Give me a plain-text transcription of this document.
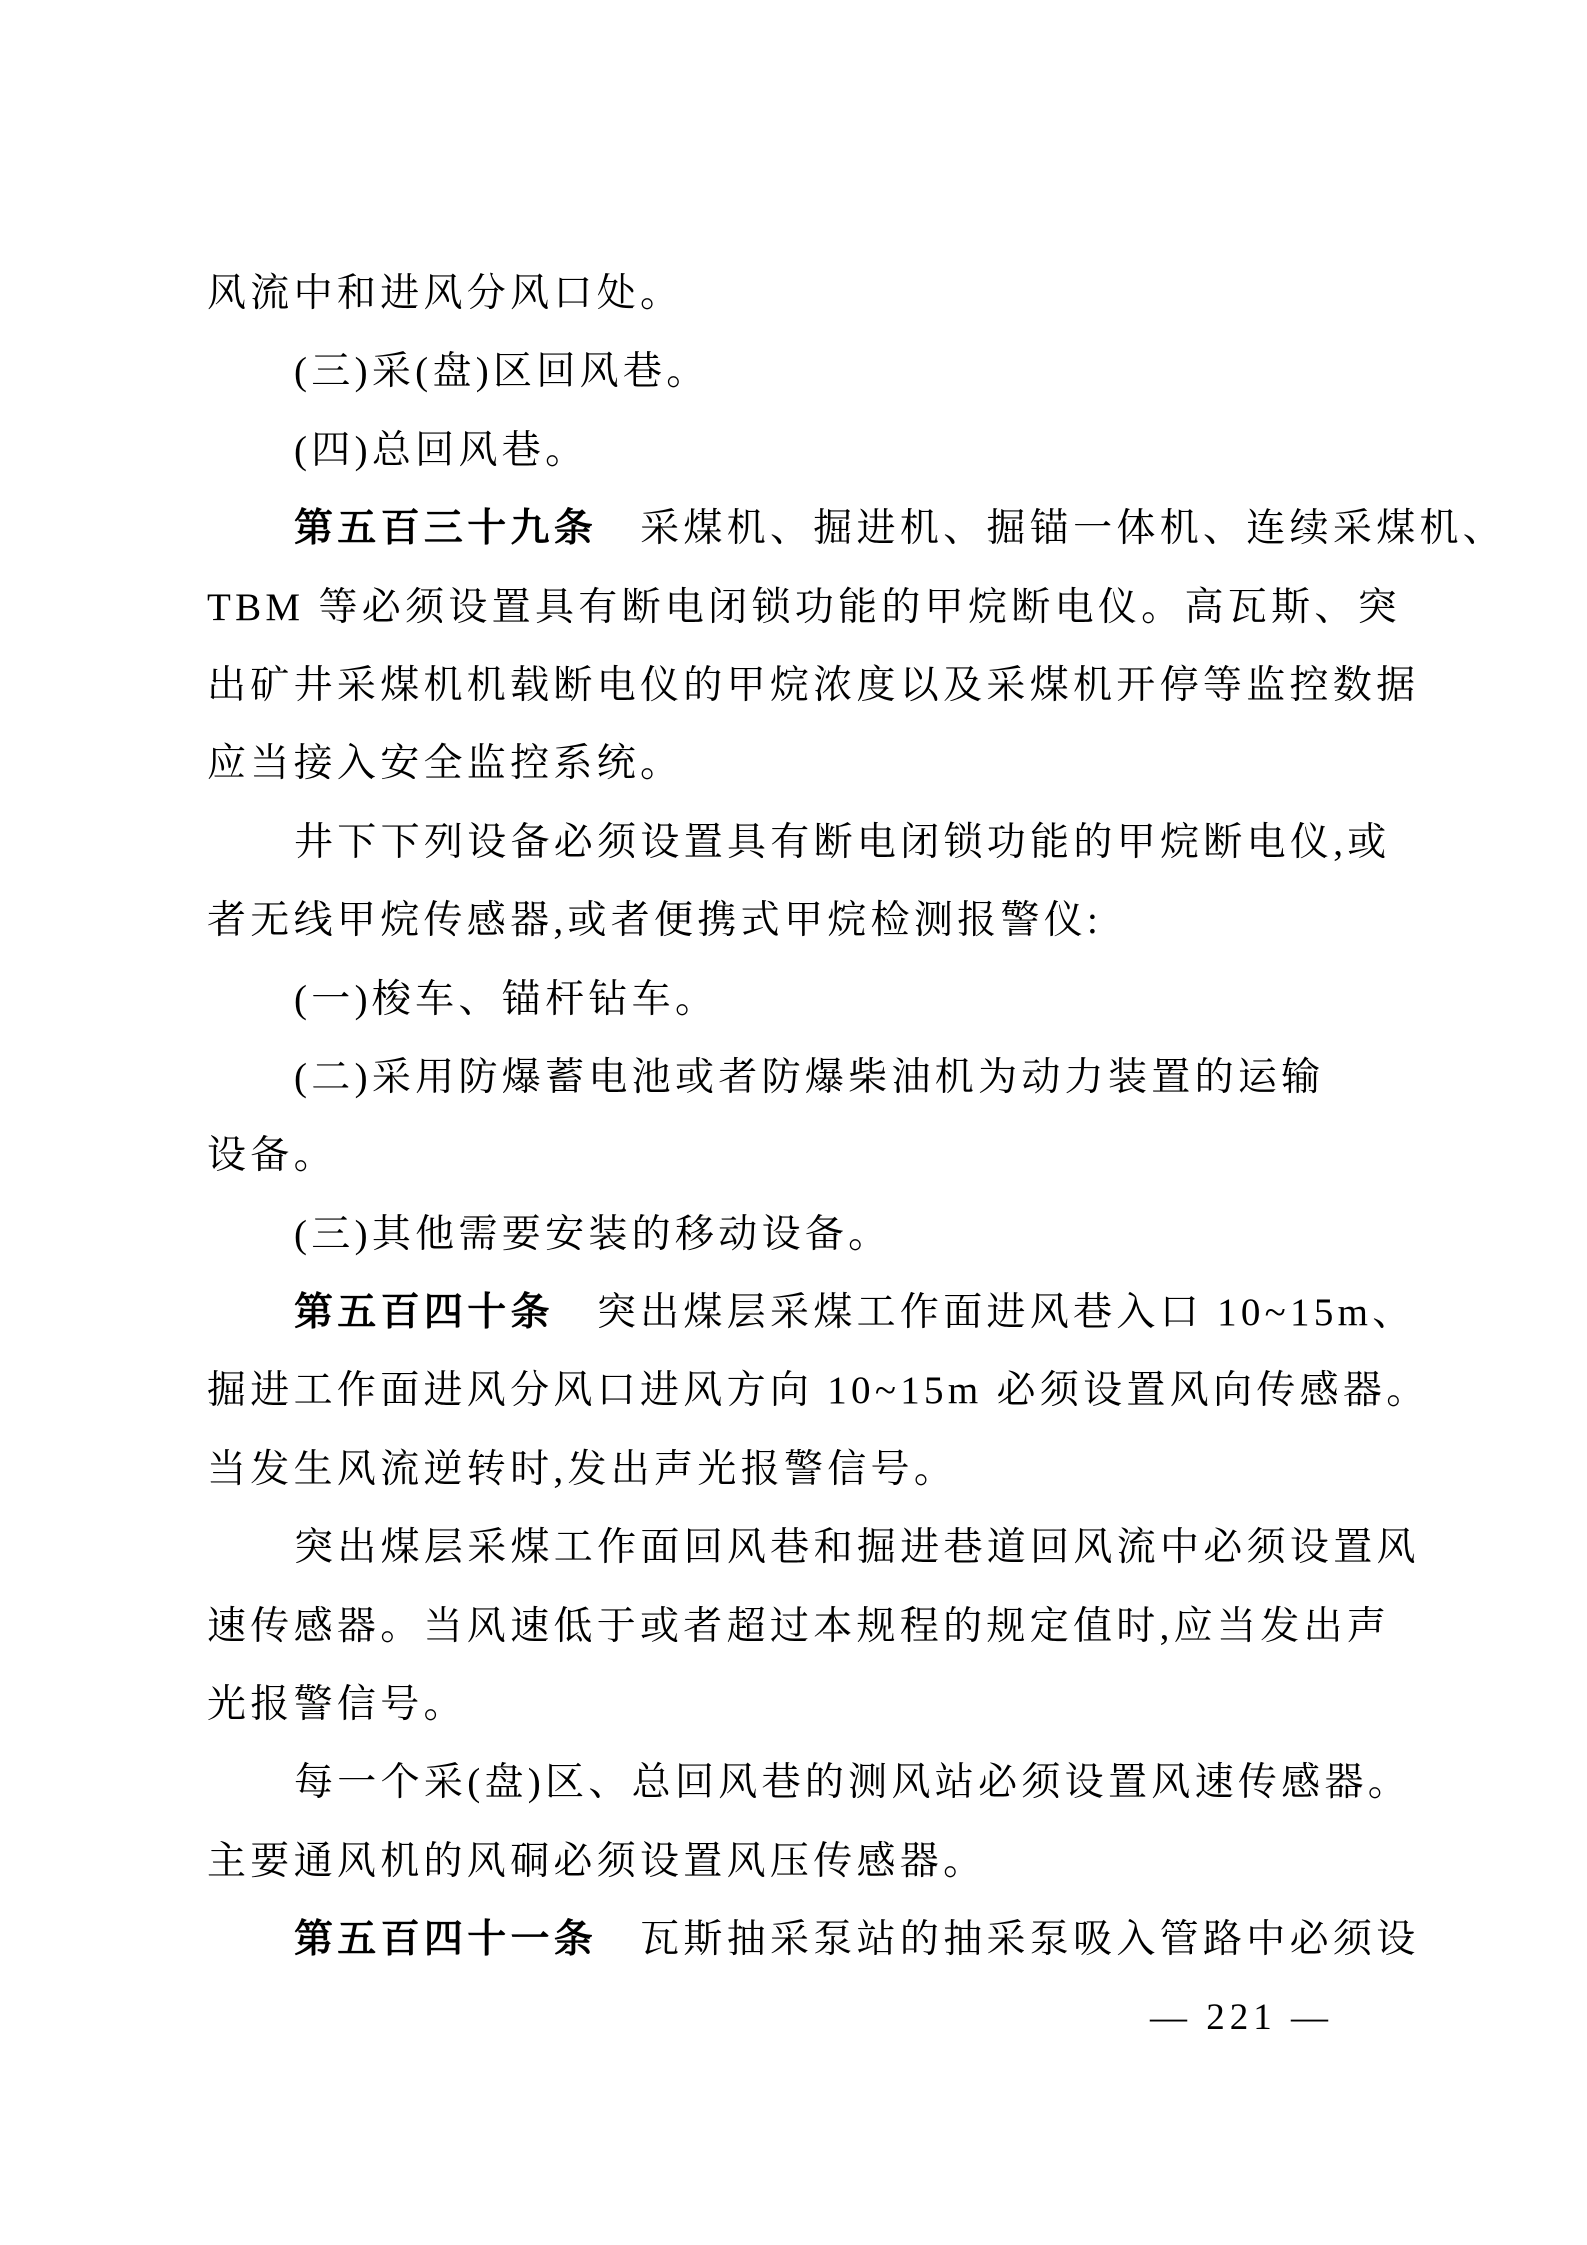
风流中和进风分风口处。
(三)采(盘)区回风巷。
(四)总回风巷。
第五百三十九条 采煤机、掘进机、掘锚一体机、连续采煤机、
TBM 等必须设置具有断电闭锁功能的甲烷断电仪。高瓦斯、突
出矿井采煤机机载断电仪的甲烷浓度以及采煤机开停等监控数据
应当接入安全监控系统。
井下下列设备必须设置具有断电闭锁功能的甲烷断电仪,或
者无线甲烷传感器,或者便携式甲烷检测报警仪:
(一)梭车、锚杆钻车。
(二)采用防爆蓄电池或者防爆柴油机为动力装置的运输
设备。
(三)其他需要安装的移动设备。
第五百四十条 突出煤层采煤工作面进风巷入口 10~15m、
掘进工作面进风分风口进风方向 10~15m 必须设置风向传感器。
当发生风流逆转时,发出声光报警信号。
突出煤层采煤工作面回风巷和掘进巷道回风流中必须设置风
速传感器。当风速低于或者超过本规程的规定值时,应当发出声
光报警信号。
每一个采(盘)区、总回风巷的测风站必须设置风速传感器。
主要通风机的风硐必须设置风压传感器。
第五百四十一条 瓦斯抽采泵站的抽采泵吸入管路中必须设
— 221 —
